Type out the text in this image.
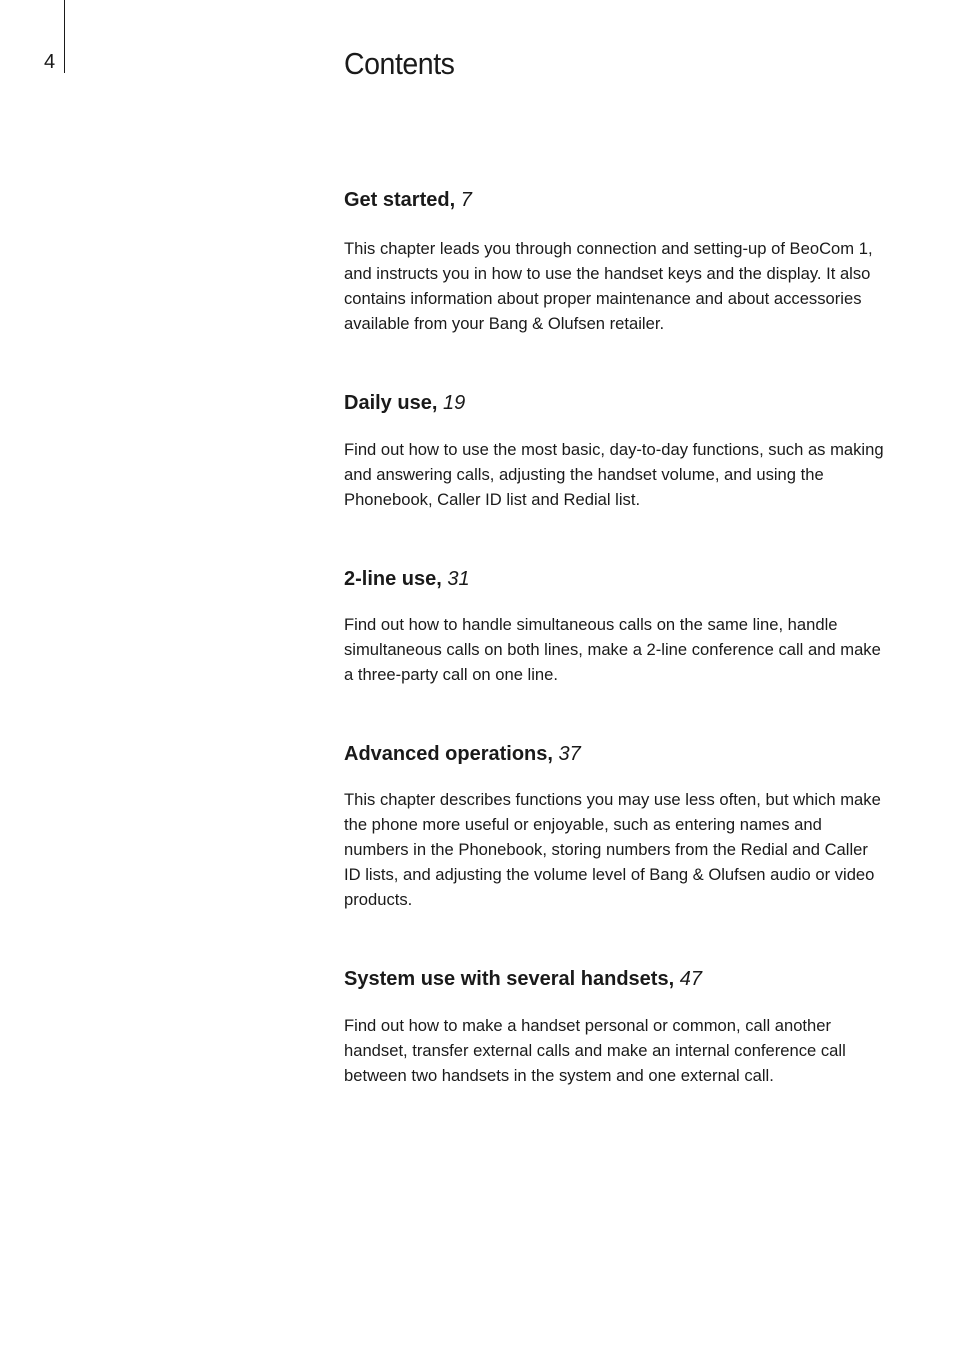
4	Contents
Get started, 7

This chapter leads you through connection and setting-up of BeoCom 1, and instructs you in how to use the handset keys and the display. It also contains information about proper maintenance and about accessories available from your Bang & Olufsen retailer.

Daily use, 19

Find out how to use the most basic, day-to-day functions, such as making and answering calls, adjusting the handset volume, and using the Phonebook, Caller ID list and Redial list.

2-line use, 31

Find out how to handle simultaneous calls on the same line, handle simultaneous calls on both lines, make a 2-line conference call and make a three-party call on one line.

Advanced operations, 37

This chapter describes functions you may use less often, but which make the phone more useful or enjoyable, such as entering names and numbers in the Phonebook, storing numbers from the Redial and Caller ID lists, and adjusting the volume level of Bang & Olufsen audio or video products.

System use with several handsets, 47

Find out how to make a handset personal or common, call another handset, transfer external calls and make an internal conference call between two handsets in the system and one external call.
